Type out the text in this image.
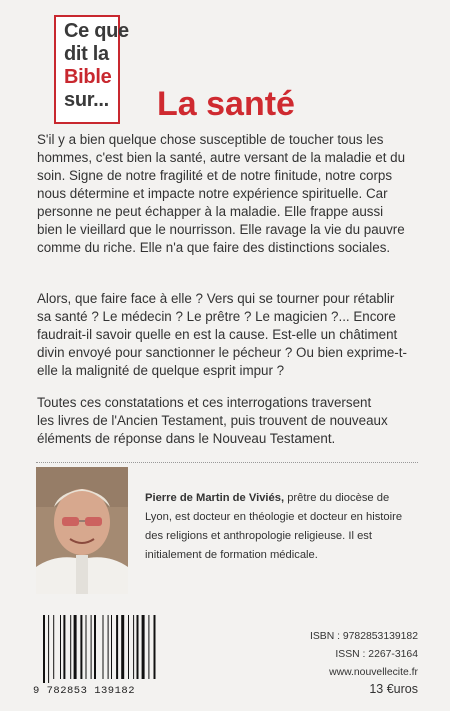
Ce que
dit la
Bible
sur... La santé

S'il y a bien quelque chose susceptible de toucher tous les
hommes, c'est bien la santé, autre versant de la maladie et du
soin. Signe de notre fragilité et de notre finitude, notre corps
nous détermine et impacte notre expérience spirituelle. Car
personne ne peut échapper à la maladie. Elle frappe aussi
bien le vieillard que le nourrisson. Elle ravage la vie du pauvre
comme du riche. Elle n'a que faire des distinctions sociales.

Alors, que faire face à elle ? Vers qui se tourner pour rétablir
sa santé ? Le médecin ? Le prêtre ? Le magicien ?... Encore
faudrait-il savoir quelle en est la cause. Est-elle un châtiment
divin envoyé pour sanctionner le pécheur ? Ou bien exprime-t-
elle la malignité de quelque esprit impur ?

Toutes ces constatations et ces interrogations traversent
les livres de l'Ancien Testament, puis trouvent de nouveaux
éléments de réponse dans le Nouveau Testament.

Pierre de Martin de Viviés, prêtre du diocèse de
Lyon, est docteur en théologie et docteur en histoire
des religions et anthropologie religieuse. Il est
initialement de formation médicale.

9 782853 139182
ISBN : 9782853139182
ISSN : 2267-3164
www.nouvellecite.fr
13 €uros
